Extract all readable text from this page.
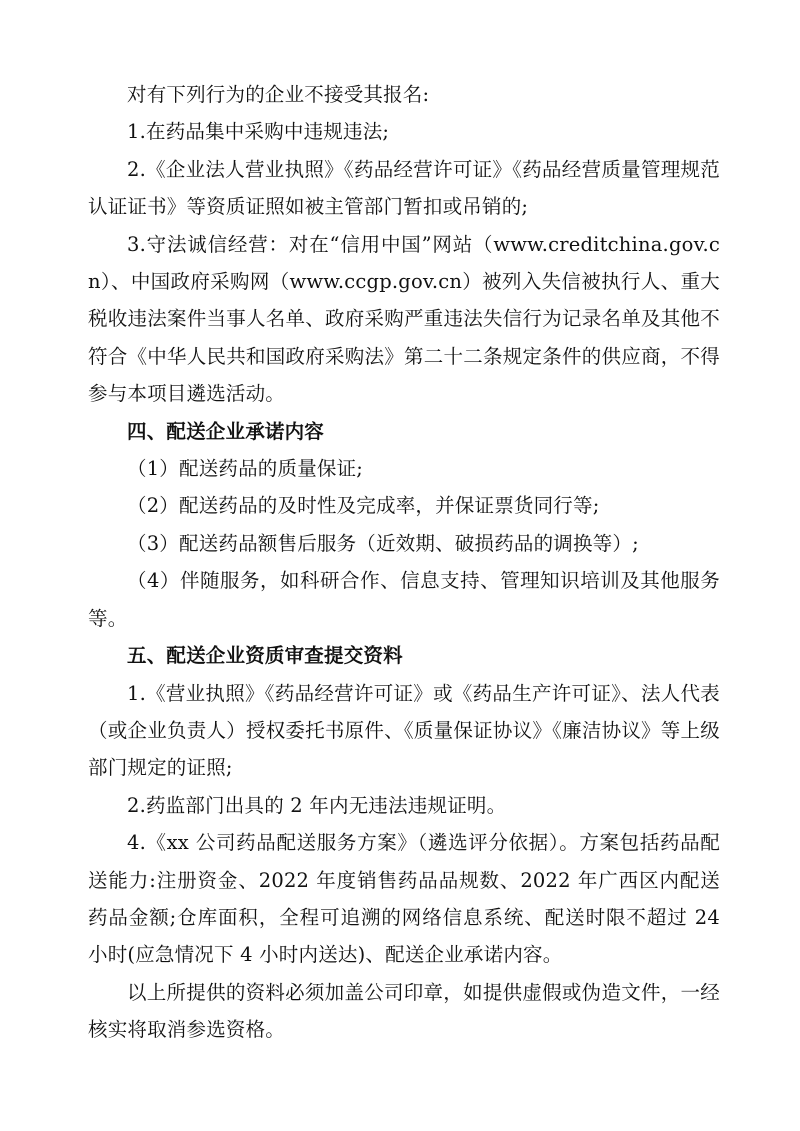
对有下列行为的企业不接受其报名:

1.在药品集中采购中违规违法;

2.《企业法人营业执照》《药品经营许可证》《药品经营质量管理规范认证证书》等资质证照如被主管部门暂扣或吊销的;

3.守法诚信经营：对在“信用中国”网站（www.creditchina.gov.cn）、中国政府采购网（www.ccgp.gov.cn）被列入失信被执行人、重大税收违法案件当事人名单、政府采购严重违法失信行为记录名单及其他不符合《中华人民共和国政府采购法》第二十二条规定条件的供应商，不得参与本项目遴选活动。

四、配送企业承诺内容

（1）配送药品的质量保证;

（2）配送药品的及时性及完成率，并保证票货同行等;

（3）配送药品额售后服务（近效期、破损药品的调换等）;

（4）伴随服务，如科研合作、信息支持、管理知识培训及其他服务等。

五、配送企业资质审查提交资料

1.《营业执照》《药品经营许可证》或《药品生产许可证》、法人代表（或企业负责人）授权委托书原件、《质量保证协议》《廉洁协议》等上级部门规定的证照;

2.药监部门出具的 2 年内无违法违规证明。

4.《xx 公司药品配送服务方案》（遴选评分依据）。方案包括药品配送能力:注册资金、2022 年度销售药品品规数、2022 年广西区内配送药品金额;仓库面积，全程可追溯的网络信息系统、配送时限不超过 24 小时(应急情况下 4 小时内送达)、配送企业承诺内容。

以上所提供的资料必须加盖公司印章，如提供虚假或伪造文件，一经核实将取消参选资格。
